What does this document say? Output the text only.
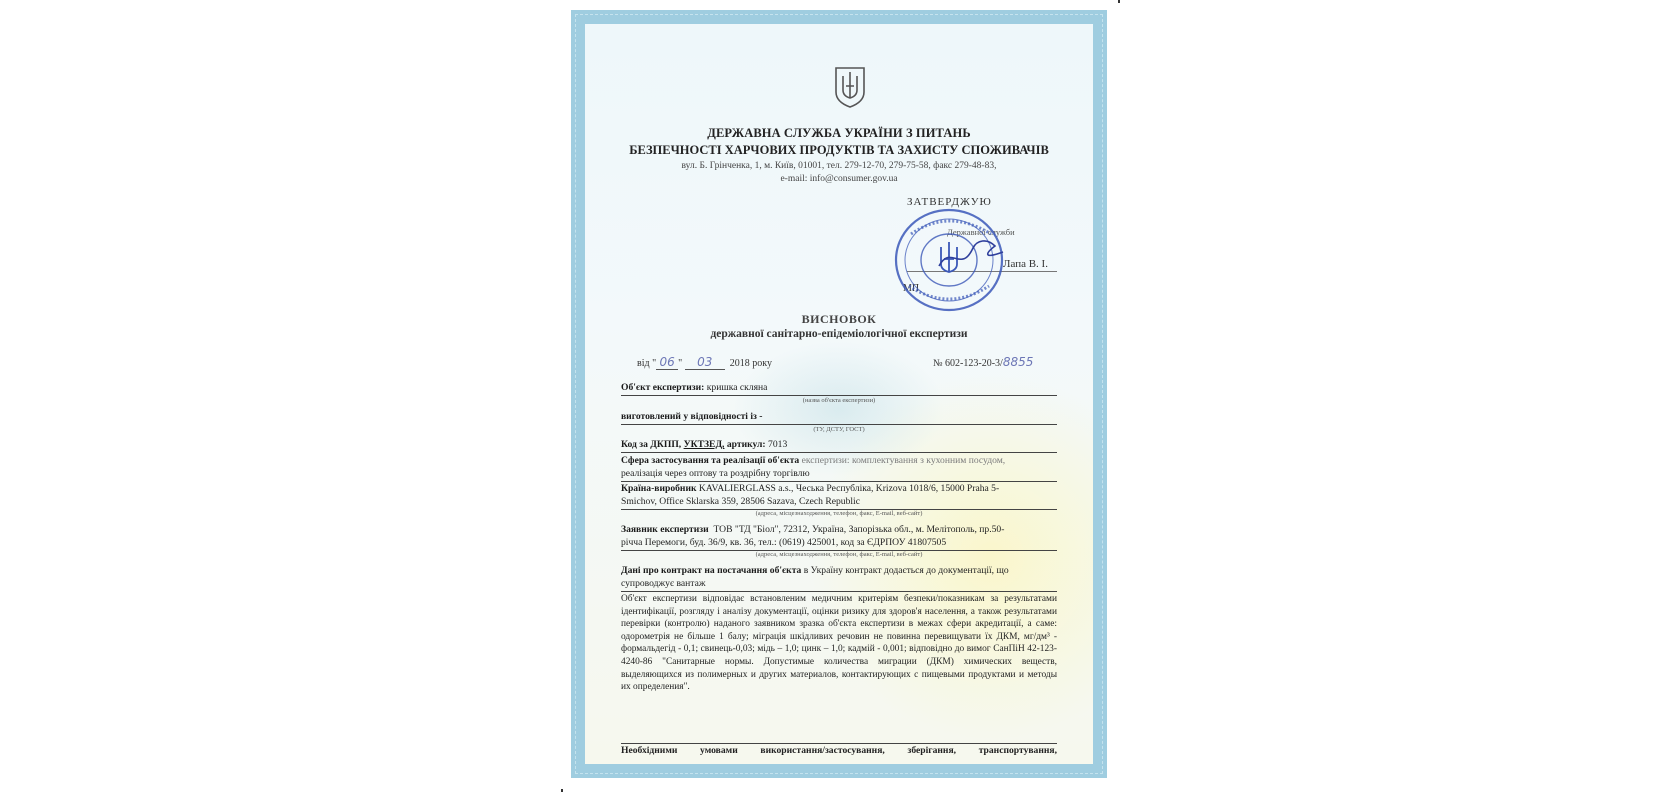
ДЕРЖАВНА СЛУЖБА УКРАЇНИ З ПИТАНЬ
БЕЗПЕЧНОСТІ ХАРЧОВИХ ПРОДУКТІВ ТА ЗАХИСТУ СПОЖИВАЧІВ
вул. Б. Грінченка, 1, м. Київ, 01001, тел. 279-12-70, 279-75-58, факс 279-48-83,
e-mail: info@consumer.gov.ua
ЗАТВЕРДЖУЮ
Державної служби
Лапа В. І.
МП
ВИСНОВОК
державної санітарно-епідеміологічної експертизи
від " 06 " 03 2018 року	№ 602-123-20-3/8855
Об'єкт експертизи: кришка скляна
(назва об'єкта експертизи)
виготовлений у відповідності із -
(ТУ, ДСТУ, ГОСТ)
Код за ДКПП, УКТЗЕД, артикул: 7013
Сфера застосування та реалізації об'єкта експертизи: комплектування з кухонним посудом,
реалізація через оптову та роздрібну торгівлю
Країна-виробник KAVALIERGLASS a.s., Чеська Республіка, Krizova 1018/6, 15000 Praha 5-
Smichov, Office Sklarska 359, 28506 Sazava, Czech Republic
(адреса, місцезнаходження, телефон, факс, E-mail, веб-сайт)
Заявник експертизи ТОВ "ТД "Біол", 72312, Україна, Запорізька обл., м. Мелітополь, пр.50-
річча Перемоги, буд. 36/9, кв. 36, тел.: (0619) 425001, код за ЄДРПОУ 41807505
(адреса, місцезнаходження, телефон, факс, E-mail, веб-сайт)
Дані про контракт на постачання об'єкта в Україну контракт додається до документації, що
супроводжує вантаж
Об'єкт експертизи відповідає встановленим медичним критеріям безпеки/показникам за результатами ідентифікації, розгляду і аналізу документації, оцінки ризику для здоров'я населення, а також результатами перевірки (контролю) наданого заявником зразка об'єкта експертизи в межах сфери акредитації, а саме: одорометрія не більше 1 балу; міграція шкідливих речовин не повинна перевищувати їх ДКМ, мг/дм³ - формальдегід - 0,1; свинець-0,03; мідь – 1,0; цинк – 1,0; кадмій - 0,001; відповідно до вимог СанПіН 42-123-4240-86 "Санитарные нормы. Допустимые количества миграции (ДКМ) химических веществ, выделяющихся из полимерных и других материалов, контактирующих с пищевыми продуктами и методы их определения".
Необхідними умовами використання/застосування, зберігання, транспортування,
